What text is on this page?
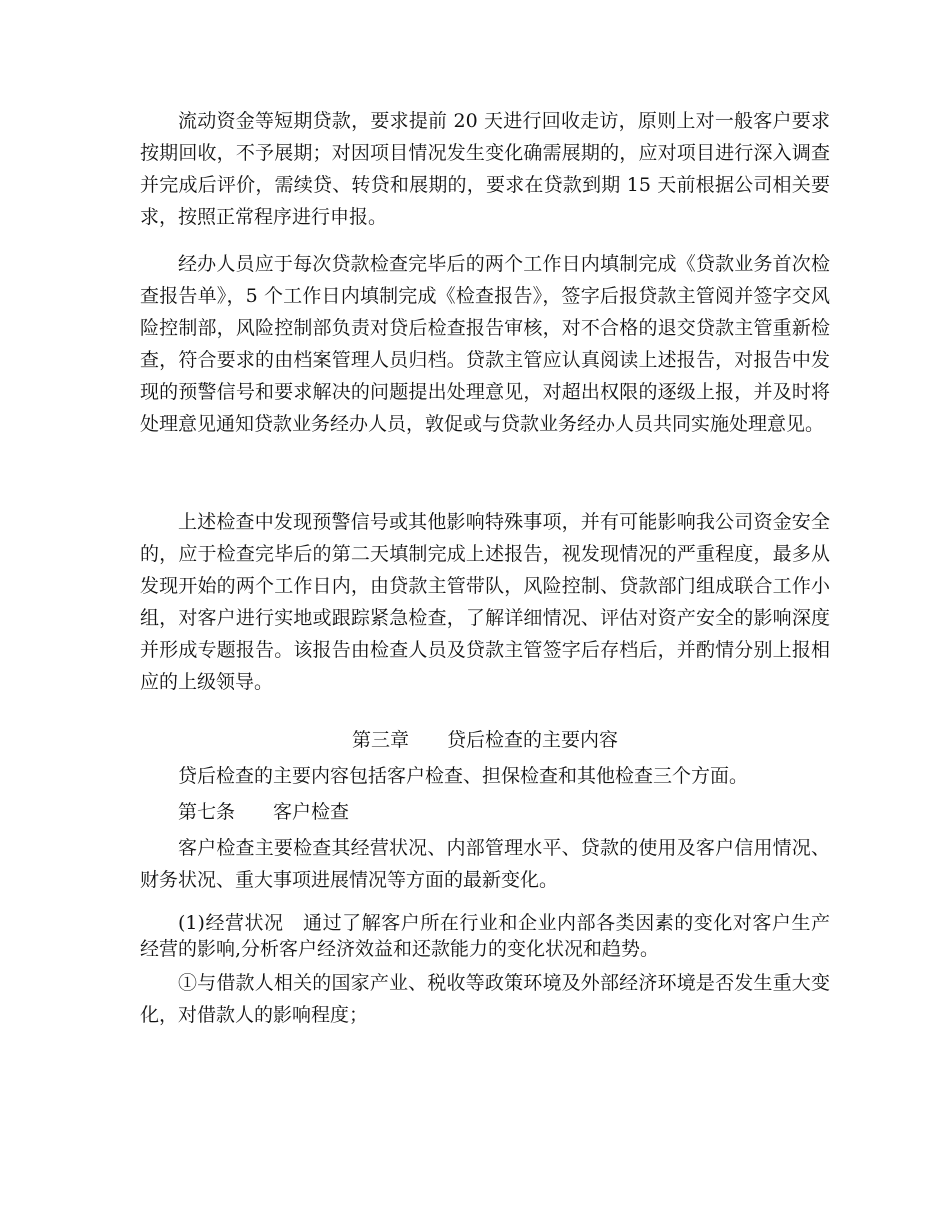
流动资金等短期贷款，要求提前 20 天进行回收走访，原则上对一般客户要求按期回收，不予展期；对因项目情况发生变化确需展期的，应对项目进行深入调查并完成后评价，需续贷、转贷和展期的，要求在贷款到期 15 天前根据公司相关要求，按照正常程序进行申报。

经办人员应于每次贷款检查完毕后的两个工作日内填制完成《贷款业务首次检查报告单》，5 个工作日内填制完成《检查报告》，签字后报贷款主管阅并签字交风险控制部，风险控制部负责对贷后检查报告审核，对不合格的退交贷款主管重新检查，符合要求的由档案管理人员归档。贷款主管应认真阅读上述报告，对报告中发现的预警信号和要求解决的问题提出处理意见，对超出权限的逐级上报，并及时将处理意见通知贷款业务经办人员，敦促或与贷款业务经办人员共同实施处理意见。

上述检查中发现预警信号或其他影响特殊事项，并有可能影响我公司资金安全的，应于检查完毕后的第二天填制完成上述报告，视发现情况的严重程度，最多从发现开始的两个工作日内，由贷款主管带队，风险控制、贷款部门组成联合工作小组，对客户进行实地或跟踪紧急检查，了解详细情况、评估对资产安全的影响深度并形成专题报告。该报告由检查人员及贷款主管签字后存档后，并酌情分别上报相应的上级领导。

第三章　　贷后检查的主要内容

贷后检查的主要内容包括客户检查、担保检查和其他检查三个方面。

第七条　　客户检查

客户检查主要检查其经营状况、内部管理水平、贷款的使用及客户信用情况、财务状况、重大事项进展情况等方面的最新变化。

(1)经营状况　通过了解客户所在行业和企业内部各类因素的变化对客户生产经营的影响,分析客户经济效益和还款能力的变化状况和趋势。

①与借款人相关的国家产业、税收等政策环境及外部经济环境是否发生重大变化，对借款人的影响程度；
